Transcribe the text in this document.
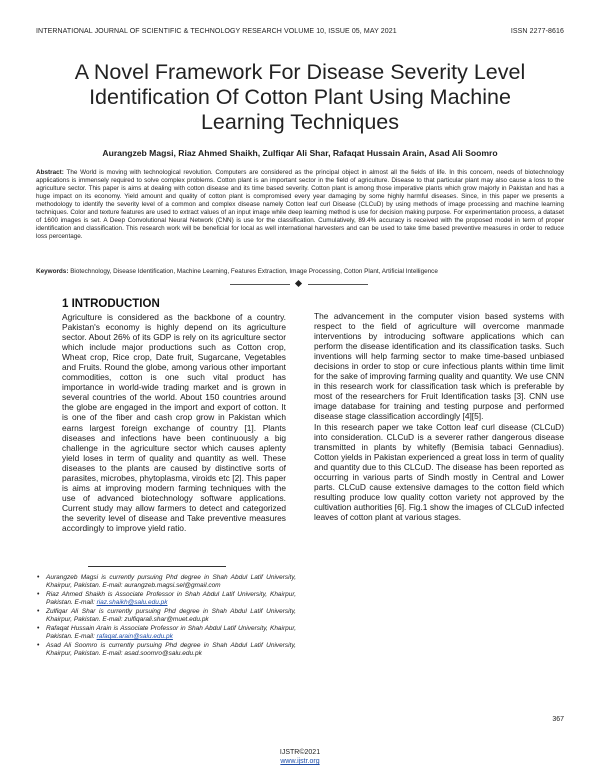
INTERNATIONAL JOURNAL OF SCIENTIFIC & TECHNOLOGY RESEARCH VOLUME 10, ISSUE 05, MAY 2021	ISSN 2277-8616
A Novel Framework For Disease Severity Level
Identification Of Cotton Plant Using Machine
Learning Techniques
Aurangzeb Magsi, Riaz Ahmed Shaikh, Zulfiqar Ali Shar, Rafaqat Hussain Arain, Asad Ali Soomro
Abstract: The World is moving with technological revolution. Computers are considered as the principal object in almost all the fields of life. In this concern, needs of biotechnology applications is immensely required to solve complex problems. Cotton plant is an important sector in the field of agriculture. Disease to that particular plant may also cause a loss to the agriculture sector. This paper is aims at dealing with cotton disease and its time based severity. Cotton plant is among those imperative plants which grow majorly in Pakistan and has a huge impact on its economy. Yield amount and quality of cotton plant is compromised every year damaging by some highly harmful diseases. Since, in this paper we presents a methodology to identify the severity level of a common and complex disease namely Cotton leaf curl Disease (CLCuD) by using methods of image processing and machine learning techniques. Color and texture features are used to extract values of an input image while deep learning method is use for decision making purpose. For experimentation process, a dataset of 1600 images is set. A Deep Convolutional Neural Network (CNN) is use for the classification. Cumulatively, 89.4% accuracy is received with the proposed model in term of proper identification and classification. This research work will be beneficial for local as well international harvesters and can be used to take time based preventive measures in order to reduce loss percentage.
Keywords: Biotechnology, Disease Identification, Machine Learning, Features Extraction, Image Processing, Cotton Plant, Artificial Intelligence
1 INTRODUCTION

Agriculture is considered as the backbone of a country. Pakistan's economy is highly depend on its agriculture sector. About 26% of its GDP is rely on its agriculture sector which include major productions such as Cotton crop, Wheat crop, Rice crop, Date fruit, Sugarcane, Vegetables and Fruits. Round the globe, among various other important commodities, cotton is one such vital product has importance in world-wide trading market and is grown in several countries of the world. About 150 countries around the globe are engaged in the import and export of cotton. It is one of the fiber and cash crop grow in Pakistan which earns largest foreign exchange of country [1]. Plants diseases and infections have been continuously a big challenge in the agriculture sector which causes aplenty yield loses in term of quality and quantity as well. These diseases to the plants are caused by distinctive sorts of parasites, microbes, phytoplasma, viroids etc [2]. This paper is aims at improving modern farming techniques with the use of advanced biotechnology software applications. Current study may allow farmers to detect and categorized the severity level of disease and Take preventive measures accordingly to improve yield ratio.

The advancement in the computer vision based systems with respect to the field of agriculture will overcome manmade interventions by introducing software applications which can perform the disease identification and its classification tasks. Such inventions will help farming sector to make time-based unbiased decisions in order to stop or cure infectious plants within time limit for the sake of improving farming quality and quantity. We use CNN in this research work for classification task which is preferable by most of the researchers for Fruit Identification tasks [3]. CNN use image database for training and testing purpose and performed disease stage classification accordingly [4][5].

In this research paper we take Cotton leaf curl disease (CLCuD) into consideration. CLCuD is a severer rather dangerous disease transmitted in plants by whitefly (Bemisia tabaci Gennadius). Cotton yields in Pakistan experienced a great loss in term of quality and quantity due to this CLCuD. The disease has been reported as occurring in various parts of Sindh mostly in Central and Lower parts. CLCuD cause extensive damages to the cotton field which resulting produce low quality cotton variety not approved by the cultivation authorities [6]. Fig.1 show the images of CLCuD infected leaves of cotton plant at various stages.

• Aurangzeb Magsi is currently pursuing Phd degree in Shah Abdul Latif University, Khairpur, Pakistan. E-mail: aurangzeb.magsi.sel@gmail.com
• Riaz Ahmed Shaikh is Associate Professor in Shah Abdul Latif University, Khairpur, Pakistan. E-mail: riaz.shaikh@salu.edu.pk
• Zulfiqar Ali Shar is currently pursuing Phd degree in Shah Abdul Latif University, Khairpur, Pakistan. E-mail: zulfiqarali.shar@muet.edu.pk
• Rafaqat Hussain Arain is Associate Professor in Shah Abdul Latif University, Khairpur, Pakistan. E-mail: rafaqat.arain@salu.edu.pk
• Asad Ali Soomro is currently pursuing Phd degree in Shah Abdul Latif University, Khairpur, Pakistan. E-mail: asad.soomro@salu.edu.pk
367
IJSTR©2021
www.ijstr.org
